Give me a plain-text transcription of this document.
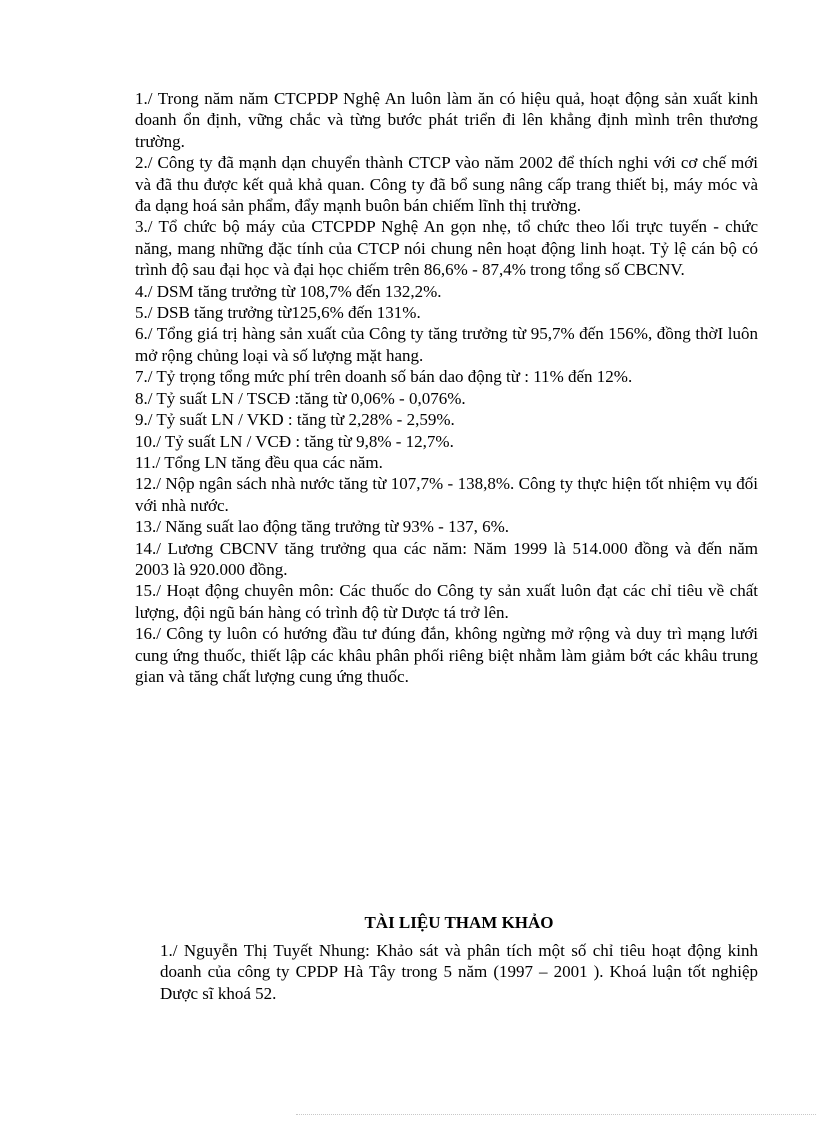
1./ Trong năm năm CTCPDP Nghệ An luôn làm ăn có hiệu quả, hoạt động sản xuất kinh doanh ổn định, vững chắc và từng bước phát triển đi lên khẳng định mình trên thương trường.

2./ Công ty đã mạnh dạn chuyển thành CTCP vào năm 2002 để thích nghi với cơ chế mới và đã thu được kết quả khả quan. Công ty đã bổ sung nâng cấp trang thiết bị, máy móc và đa dạng hoá sản phẩm, đẩy mạnh buôn bán chiếm lĩnh thị trường.

3./ Tổ chức bộ máy của CTCPDP Nghệ An gọn nhẹ, tổ chức theo lối trực tuyến - chức năng, mang những đặc tính của CTCP nói chung nên hoạt động linh hoạt. Tỷ lệ cán bộ có trình độ sau đại học và đại học chiếm trên 86,6% - 87,4% trong tổng số CBCNV.

4./ DSM tăng trưởng từ 108,7% đến 132,2%.

5./ DSB tăng trưởng từ125,6% đến 131%.

6./ Tổng giá trị hàng sản xuất của Công ty tăng trưởng từ 95,7% đến 156%, đồng thờI luôn mở rộng chủng loại và số lượng mặt hang.

7./ Tỷ trọng tổng mức phí trên doanh số bán dao động từ : 11% đến 12%.

8./ Tỷ suất LN / TSCĐ :tăng từ 0,06% - 0,076%.

9./ Tỷ suất LN / VKD : tăng từ 2,28% - 2,59%.

10./ Tỷ suất LN / VCĐ : tăng từ 9,8% - 12,7%.

11./ Tổng LN tăng đều qua các năm.

12./ Nộp ngân sách nhà nước tăng từ 107,7% - 138,8%. Công ty thực hiện tốt nhiệm vụ đối với nhà nước.

13./ Năng suất lao động tăng trưởng từ 93% - 137, 6%.

14./ Lương CBCNV tăng trưởng qua các năm: Năm 1999 là 514.000 đồng và đến năm 2003 là 920.000 đồng.

15./ Hoạt động chuyên môn: Các thuốc do Công ty sản xuất luôn đạt các chỉ tiêu về chất lượng, đội ngũ bán hàng có trình độ từ Dược tá trở lên.

16./ Công ty luôn có hướng đầu tư đúng đắn, không ngừng mở rộng và duy trì mạng lưới cung ứng thuốc, thiết lập các khâu phân phối riêng biệt nhằm làm giảm bớt các khâu trung gian và tăng chất lượng cung ứng thuốc.

TÀI LIỆU THAM KHẢO

1./ Nguyễn Thị Tuyết Nhung: Khảo sát và phân tích một số chỉ tiêu hoạt động kinh doanh của công ty CPDP Hà Tây trong 5 năm (1997 – 2001 ). Khoá luận tốt nghiệp Dược sĩ khoá 52.
